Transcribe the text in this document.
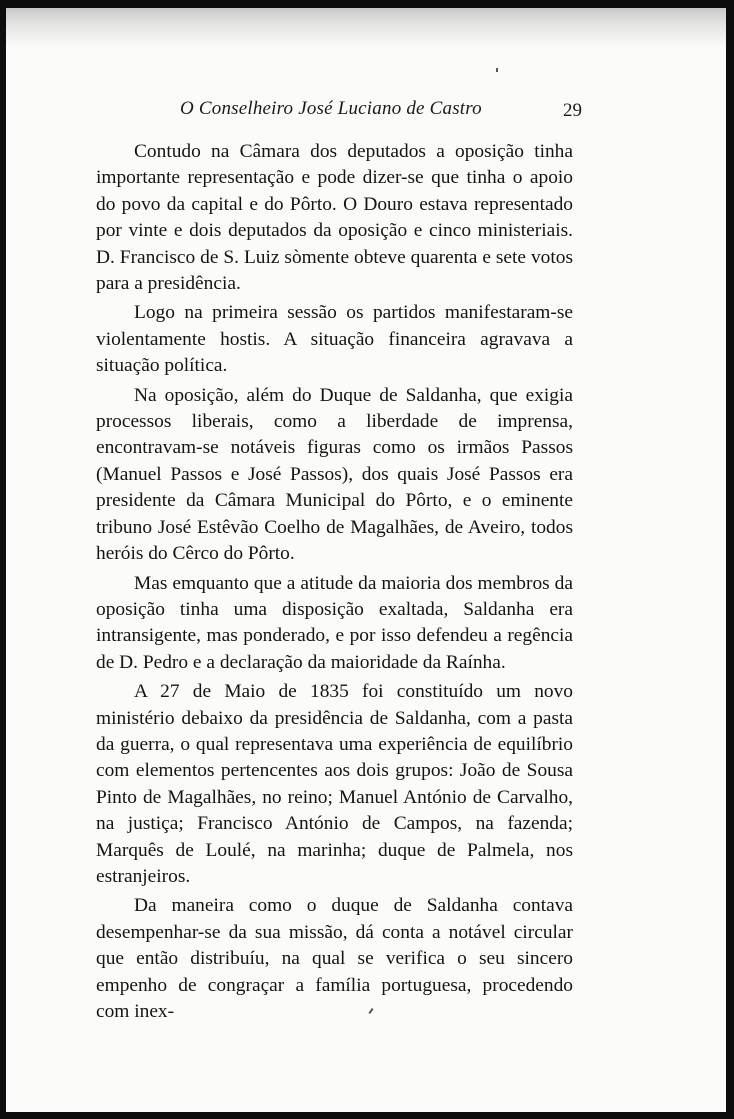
O Conselheiro José Luciano de Castro	29

Contudo na Câmara dos deputados a oposição tinha importante representação e pode dizer-se que tinha o apoio do povo da capital e do Pôrto. O Douro estava representado por vinte e dois deputados da oposição e cinco ministeriais. D. Francisco de S. Luiz sòmente obteve quarenta e sete votos para a presidência.

Logo na primeira sessão os partidos manifestaram-se violentamente hostis. A situação financeira agravava a situação política.

Na oposição, além do Duque de Saldanha, que exigia processos liberais, como a liberdade de imprensa, encontravam-se notáveis figuras como os irmãos Passos (Manuel Passos e José Passos), dos quais José Passos era presidente da Câmara Municipal do Pôrto, e o eminente tribuno José Estêvão Coelho de Magalhães, de Aveiro, todos heróis do Cêrco do Pôrto.

Mas emquanto que a atitude da maioria dos membros da oposição tinha uma disposição exaltada, Saldanha era intransigente, mas ponderado, e por isso defendeu a regência de D. Pedro e a declaração da maioridade da Raínha.

A 27 de Maio de 1835 foi constituído um novo ministério debaixo da presidência de Saldanha, com a pasta da guerra, o qual representava uma experiência de equilíbrio com elementos pertencentes aos dois grupos: João de Sousa Pinto de Magalhães, no reino; Manuel António de Carvalho, na justiça; Francisco António de Campos, na fazenda; Marquês de Loulé, na marinha; duque de Palmela, nos estranjeiros.

Da maneira como o duque de Saldanha contava desempenhar-se da sua missão, dá conta a notável circular que então distribuíu, na qual se verifica o seu sincero empenho de congraçar a família portuguesa, procedendo com inex-
